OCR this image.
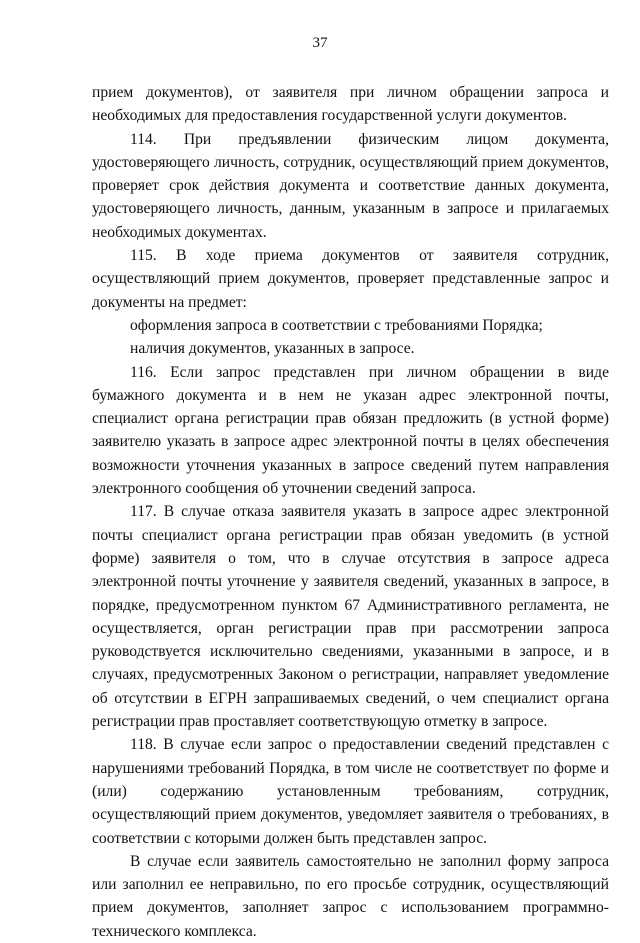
37

прием документов), от заявителя при личном обращении запроса и необходимых для предоставления государственной услуги документов.

114. При предъявлении физическим лицом документа, удостоверяющего личность, сотрудник, осуществляющий прием документов, проверяет срок действия документа и соответствие данных документа, удостоверяющего личность, данным, указанным в запросе и прилагаемых необходимых документах.

115. В ходе приема документов от заявителя сотрудник, осуществляющий прием документов, проверяет представленные запрос и документы на предмет:

оформления запроса в соответствии с требованиями Порядка;

наличия документов, указанных в запросе.

116. Если запрос представлен при личном обращении в виде бумажного документа и в нем не указан адрес электронной почты, специалист органа регистрации прав обязан предложить (в устной форме) заявителю указать в запросе адрес электронной почты в целях обеспечения возможности уточнения указанных в запросе сведений путем направления электронного сообщения об уточнении сведений запроса.

117. В случае отказа заявителя указать в запросе адрес электронной почты специалист органа регистрации прав обязан уведомить (в устной форме) заявителя о том, что в случае отсутствия в запросе адреса электронной почты уточнение у заявителя сведений, указанных в запросе, в порядке, предусмотренном пунктом 67 Административного регламента, не осуществляется, орган регистрации прав при рассмотрении запроса руководствуется исключительно сведениями, указанными в запросе, и в случаях, предусмотренных Законом о регистрации, направляет уведомление об отсутствии в ЕГРН запрашиваемых сведений, о чем специалист органа регистрации прав проставляет соответствующую отметку в запросе.

118. В случае если запрос о предоставлении сведений представлен с нарушениями требований Порядка, в том числе не соответствует по форме и (или) содержанию установленным требованиям, сотрудник, осуществляющий прием документов, уведомляет заявителя о требованиях, в соответствии с которыми должен быть представлен запрос.

В случае если заявитель самостоятельно не заполнил форму запроса или заполнил ее неправильно, по его просьбе сотрудник, осуществляющий прием документов, заполняет запрос с использованием программно-технического комплекса.
